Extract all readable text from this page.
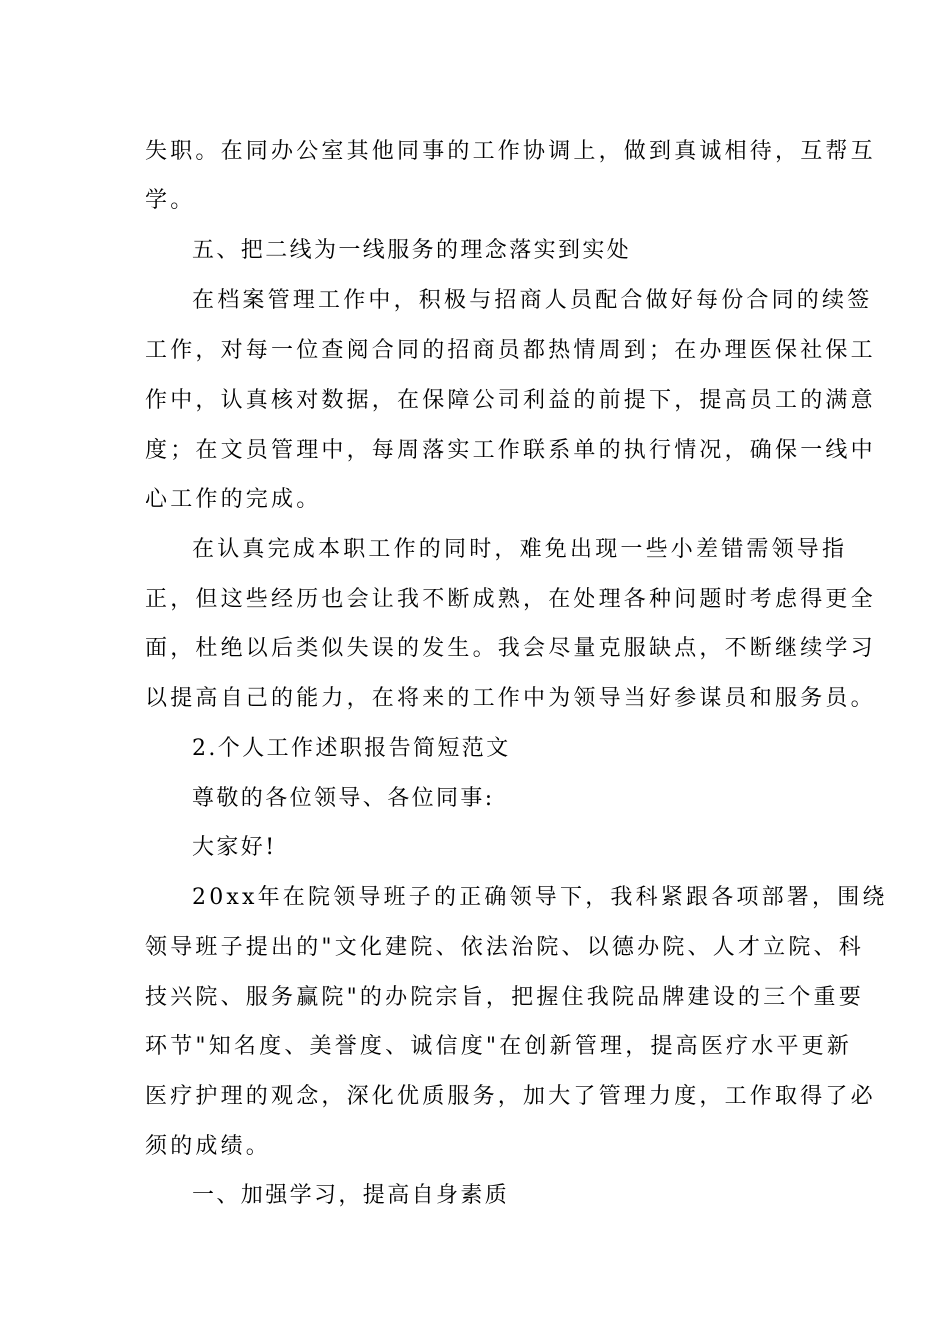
失职。在同办公室其他同事的工作协调上，做到真诚相待，互帮互

学。

五、把二线为一线服务的理念落实到实处

在档案管理工作中，积极与招商人员配合做好每份合同的续签

工作，对每一位查阅合同的招商员都热情周到；在办理医保社保工

作中，认真核对数据，在保障公司利益的前提下，提高员工的满意

度；在文员管理中，每周落实工作联系单的执行情况，确保一线中

心工作的完成。

在认真完成本职工作的同时，难免出现一些小差错需领导指

正，但这些经历也会让我不断成熟，在处理各种问题时考虑得更全

面，杜绝以后类似失误的发生。我会尽量克服缺点，不断继续学习

以提高自己的能力，在将来的工作中为领导当好参谋员和服务员。

2.个人工作述职报告简短范文

尊敬的各位领导、各位同事:

大家好!

20xx年在院领导班子的正确领导下，我科紧跟各项部署，围绕

领导班子提出的"文化建院、依法治院、以德办院、人才立院、科

技兴院、服务赢院"的办院宗旨，把握住我院品牌建设的三个重要

环节"知名度、美誉度、诚信度"在创新管理，提高医疗水平更新

医疗护理的观念，深化优质服务，加大了管理力度，工作取得了必

须的成绩。

一、加强学习，提高自身素质
